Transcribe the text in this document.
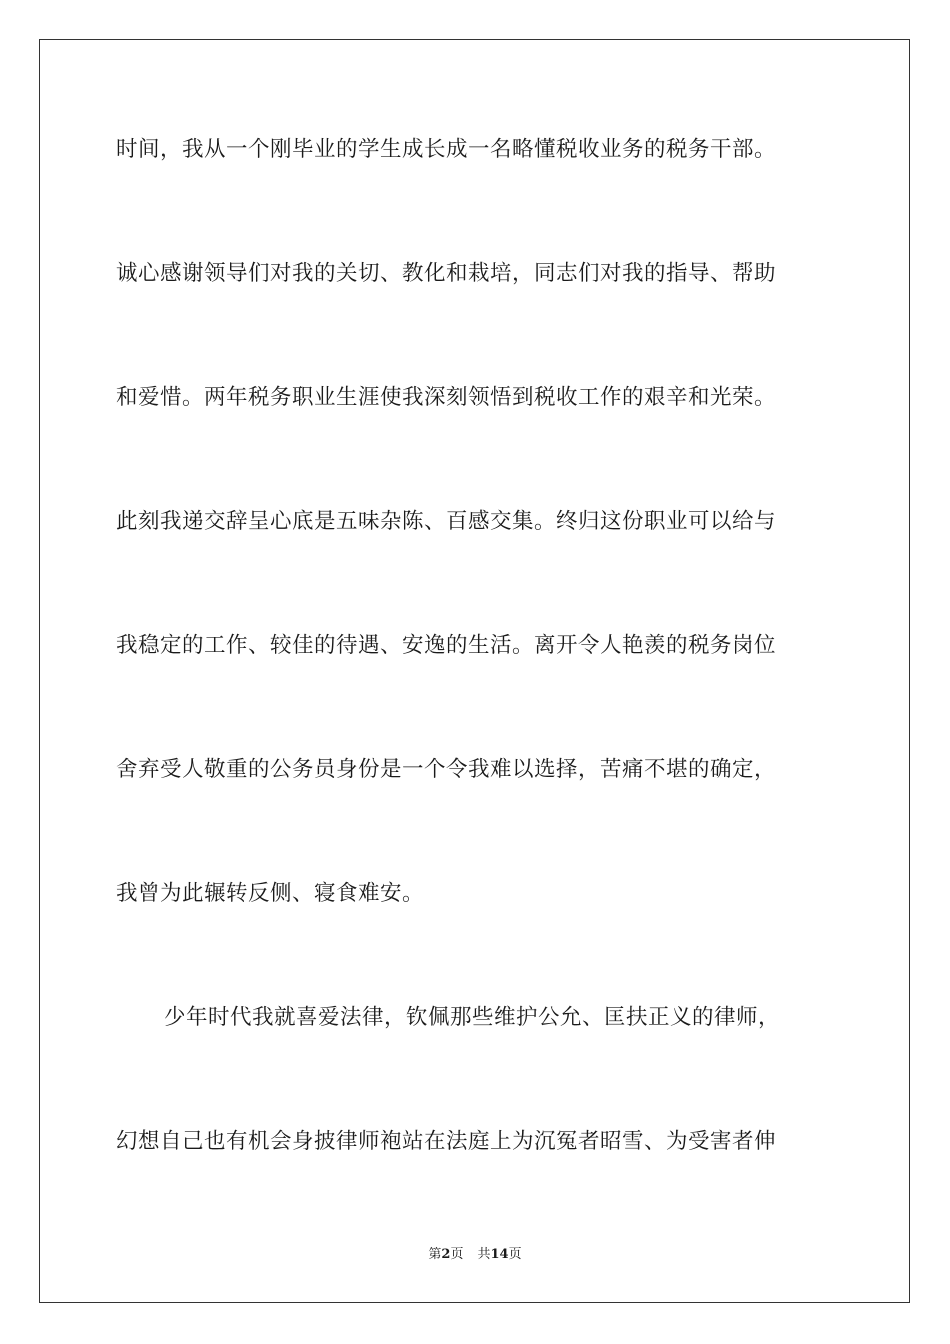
时间，我从一个刚毕业的学生成长成一名略懂税收业务的税务干部。
诚心感谢领导们对我的关切、教化和栽培，同志们对我的指导、帮助
和爱惜。两年税务职业生涯使我深刻领悟到税收工作的艰辛和光荣。
此刻我递交辞呈心底是五味杂陈、百感交集。终归这份职业可以给与
我稳定的工作、较佳的待遇、安逸的生活。离开令人艳羡的税务岗位
舍弃受人敬重的公务员身份是一个令我难以选择，苦痛不堪的确定，
我曾为此辗转反侧、寝食难安。
少年时代我就喜爱法律，钦佩那些维护公允、匡扶正义的律师，
幻想自己也有机会身披律师袍站在法庭上为沉冤者昭雪、为受害者伸
第2页 共14页
